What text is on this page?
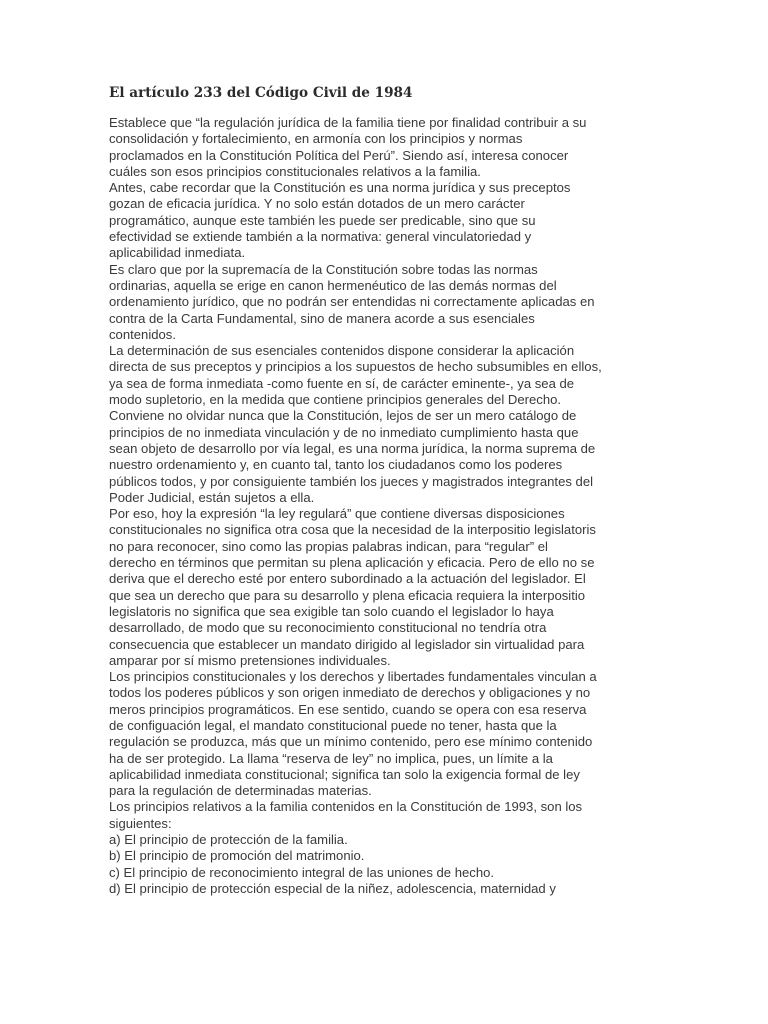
El artículo 233 del Código Civil de 1984
Establece que “la regulación jurídica de la familia tiene por finalidad contribuir a su
consolidación y fortalecimiento, en armonía con los principios y normas
proclamados en la Constitución Política del Perú”. Siendo así, interesa conocer
cuáles son esos principios constitucionales relativos a la familia.
Antes, cabe recordar que la Constitución es una norma jurídica y sus preceptos
gozan de eficacia jurídica. Y no solo están dotados de un mero carácter
programático, aunque este también les puede ser predicable, sino que su
efectividad se extiende también a la normativa: general vinculatoriedad y
aplicabilidad inmediata.
Es claro que por la supremacía de la Constitución sobre todas las normas
ordinarias, aquella se erige en canon hermenéutico de las demás normas del
ordenamiento jurídico, que no podrán ser entendidas ni correctamente aplicadas en
contra de la Carta Fundamental, sino de manera acorde a sus esenciales
contenidos.
La determinación de sus esenciales contenidos dispone considerar la aplicación
directa de sus preceptos y principios a los supuestos de hecho subsumibles en ellos,
ya sea de forma inmediata -como fuente en sí, de carácter eminente-, ya sea de
modo supletorio, en la medida que contiene principios generales del Derecho.
Conviene no olvidar nunca que la Constitución, lejos de ser un mero catálogo de
principios de no inmediata vinculación y de no inmediato cumplimiento hasta que
sean objeto de desarrollo por vía legal, es una norma jurídica, la norma suprema de
nuestro ordenamiento y, en cuanto tal, tanto los ciudadanos como los poderes
públicos todos, y por consiguiente también los jueces y magistrados integrantes del
Poder Judicial, están sujetos a ella.
Por eso, hoy la expresión “la ley regulará” que contiene diversas disposiciones
constitucionales no significa otra cosa que la necesidad de la interpositio legislatoris
no para reconocer, sino como las propias palabras indican, para “regular” el
derecho en términos que permitan su plena aplicación y eficacia. Pero de ello no se
deriva que el derecho esté por entero subordinado a la actuación del legislador. El
que sea un derecho que para su desarrollo y plena eficacia requiera la interpositio
legislatoris no significa que sea exigible tan solo cuando el legislador lo haya
desarrollado, de modo que su reconocimiento constitucional no tendría otra
consecuencia que establecer un mandato dirigido al legislador sin virtualidad para
amparar por sí mismo pretensiones individuales.
Los principios constitucionales y los derechos y libertades fundamentales vinculan a
todos los poderes públicos y son origen inmediato de derechos y obligaciones y no
meros principios programáticos. En ese sentido, cuando se opera con esa reserva
de configuación legal, el mandato constitucional puede no tener, hasta que la
regulación se produzca, más que un mínimo contenido, pero ese mínimo contenido
ha de ser protegido. La llama “reserva de ley” no implica, pues, un límite a la
aplicabilidad inmediata constitucional; significa tan solo la exigencia formal de ley
para la regulación de determinadas materias.
Los principios relativos a la familia contenidos en la Constitución de 1993, son los
siguientes:
a) El principio de protección de la familia.
b) El principio de promoción del matrimonio.
c) El principio de reconocimiento integral de las uniones de hecho.
d) El principio de protección especial de la niñez, adolescencia, maternidad y
